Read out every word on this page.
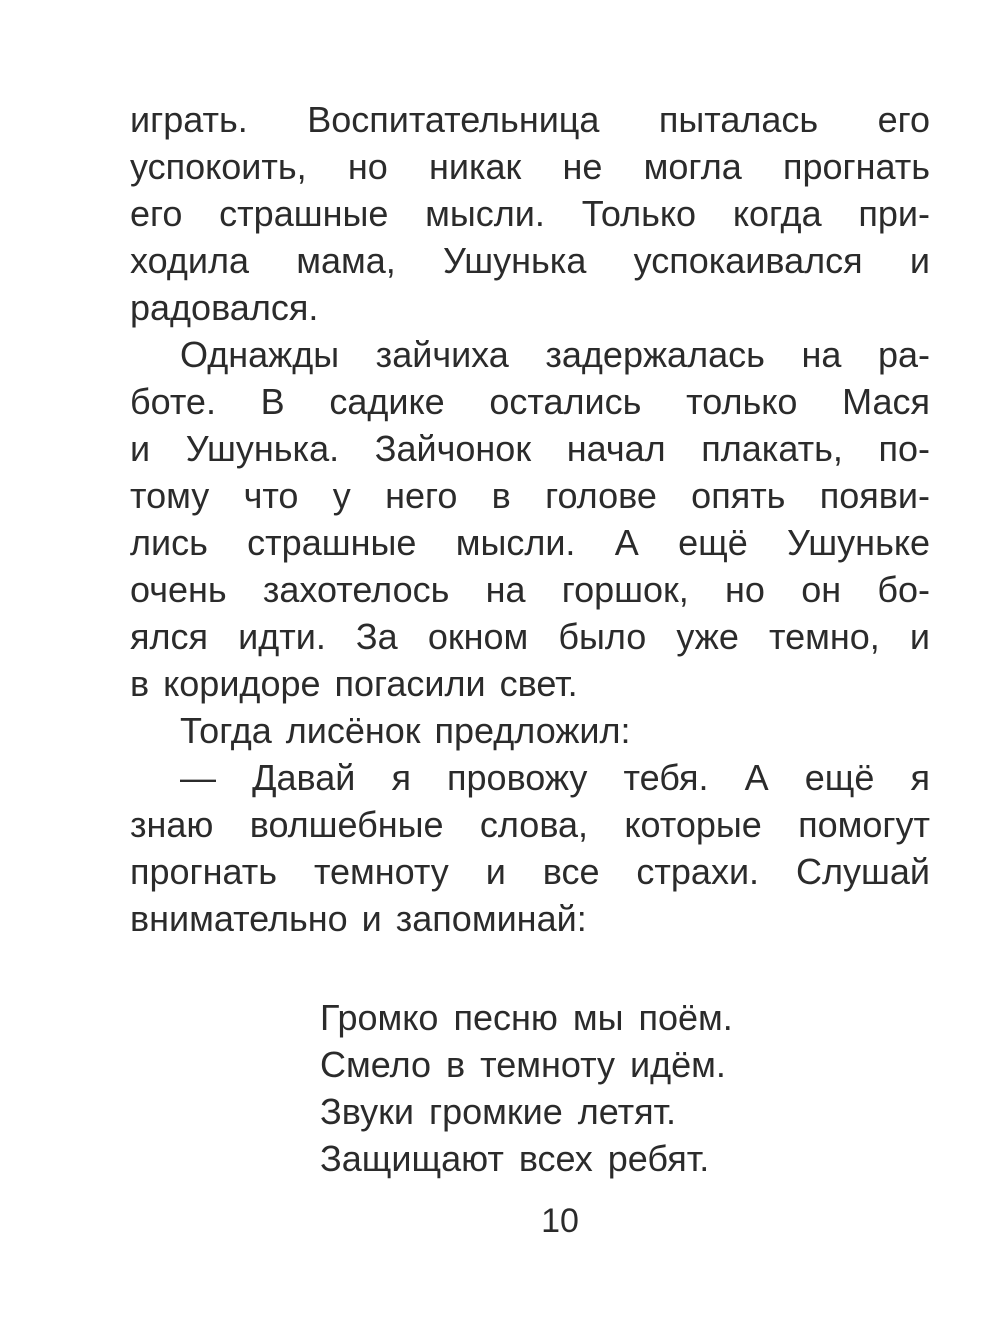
играть. Воспитательница пыталась его
успокоить, но никак не могла прогнать
его страшные мысли. Только когда при-
ходила мама, Ушунька успокаивался и
радовался.
Однажды зайчиха задержалась на ра-
боте. В садике остались только Мася
и Ушунька. Зайчонок начал плакать, по-
тому что у него в голове опять появи-
лись страшные мысли. А ещё Ушуньке
очень захотелось на горшок, но он бо-
ялся идти. За окном было уже темно, и
в коридоре погасили свет.
Тогда лисёнок предложил:
— Давай я провожу тебя. А ещё я
знаю волшебные слова, которые помогут
прогнать темноту и все страхи. Слушай
внимательно и запоминай:
Громко песню мы поём.
Смело в темноту идём.
Звуки громкие летят.
Защищают всех ребят.
10
